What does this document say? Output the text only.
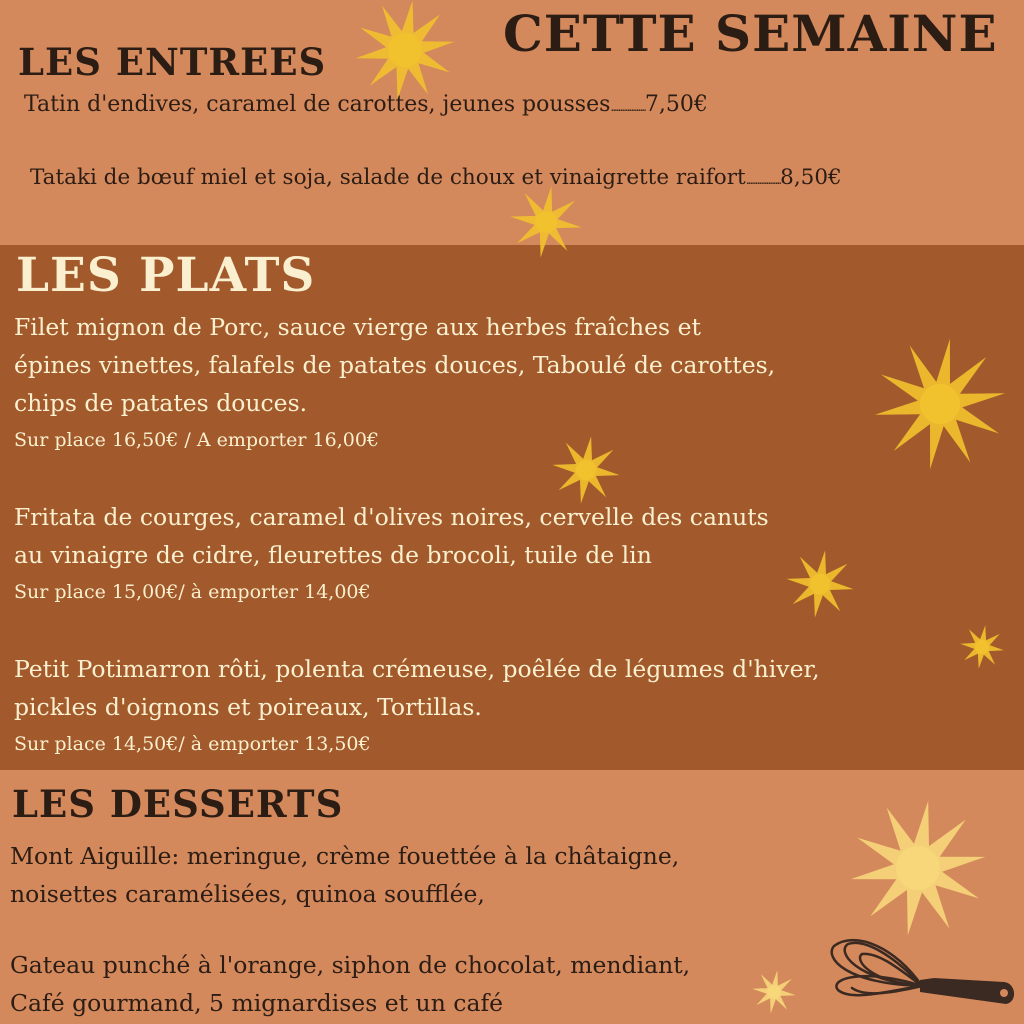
CETTE SEMAINE
LES ENTREES
Tatin d'endives, caramel de carottes, jeunes pousses ................... 7,50€
Tataki de bœuf miel et soja, salade de choux et vinaigrette raifort ................... 8,50€
LES PLATS
Filet mignon de Porc, sauce vierge aux herbes fraîches et
épines vinettes, falafels de patates douces, Taboulé de carottes,
chips de patates douces.
Sur place 16,50€ / A emporter 16,00€
Fritata de courges, caramel d'olives noires, cervelle des canuts
au vinaigre de cidre, fleurettes de brocoli, tuile de lin
Sur place 15,00€/ à emporter 14,00€
Petit Potimarron rôti, polenta crémeuse, poêlée de légumes d'hiver,
pickles d'oignons et poireaux, Tortillas.
Sur place 14,50€/ à emporter 13,50€
LES DESSERTS
Mont Aiguille: meringue, crème fouettée à la châtaigne,
noisettes caramélisées, quinoa soufflée,
Gateau punché à l'orange, siphon de chocolat, mendiant,
Café gourmand, 5 mignardises et un café
